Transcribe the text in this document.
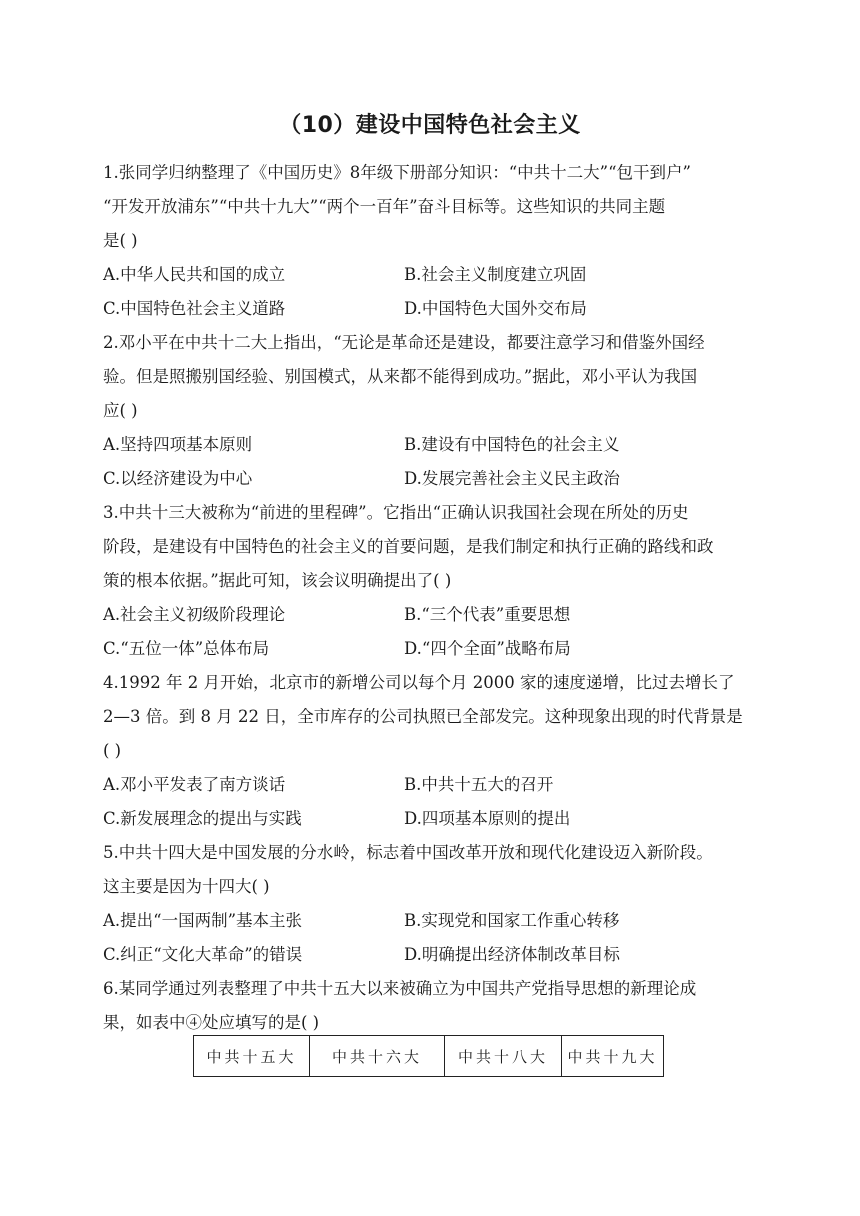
（10）建设中国特色社会主义
1.张同学归纳整理了《中国历史》8年级下册部分知识：“中共十二大”“包干到户”
“开发开放浦东”“中共十九大”“两个一百年”奋斗目标等。这些知识的共同主题
是( )
A.中华人民共和国的成立	B.社会主义制度建立巩固
C.中国特色社会主义道路	D.中国特色大国外交布局
2.邓小平在中共十二大上指出，“无论是革命还是建设，都要注意学习和借鉴外国经
验。但是照搬别国经验、别国模式，从来都不能得到成功。”据此，邓小平认为我国
应( )
A.坚持四项基本原则	B.建设有中国特色的社会主义
C.以经济建设为中心	D.发展完善社会主义民主政治
3.中共十三大被称为“前进的里程碑”。它指出“正确认识我国社会现在所处的历史
阶段，是建设有中国特色的社会主义的首要问题，是我们制定和执行正确的路线和政
策的根本依据。”据此可知，该会议明确提出了( )
A.社会主义初级阶段理论	B.“三个代表”重要思想
C.“五位一体”总体布局	D.“四个全面”战略布局
4.1992 年 2 月开始，北京市的新增公司以每个月 2000 家的速度递增，比过去增长了
2—3 倍。到 8 月 22 日，全市库存的公司执照已全部发完。这种现象出现的时代背景是
( )
A.邓小平发表了南方谈话	B.中共十五大的召开
C.新发展理念的提出与实践	D.四项基本原则的提出
5.中共十四大是中国发展的分水岭，标志着中国改革开放和现代化建设迈入新阶段。
这主要是因为十四大( )
A.提出“一国两制”基本主张	B.实现党和国家工作重心转移
C.纠正“文化大革命”的错误	D.明确提出经济体制改革目标
6.某同学通过列表整理了中共十五大以来被确立为中国共产党指导思想的新理论成
果，如表中④处应填写的是( )
中共十五大	中共十六大	中共十八大	中共十九大
